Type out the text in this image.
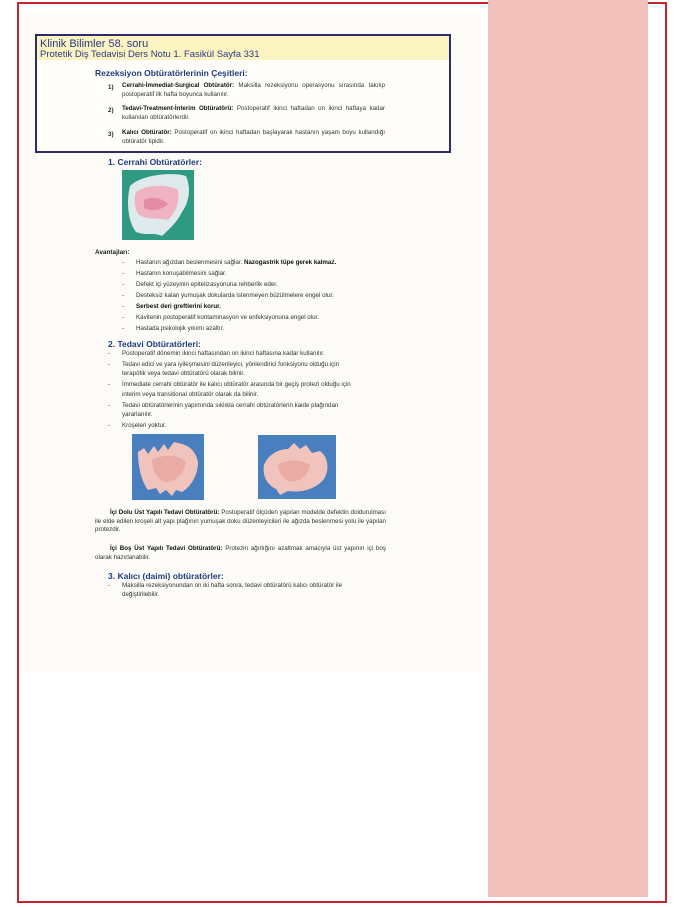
Klinik Bilimler 58. soru
Protetik Diş Tedavisi Ders Notu 1. Fasikül Sayfa 331
Rezeksiyon Obtüratörlerinin Çeşitleri:
1) Cerrahi-İmmediat-Surgical Obtüratör: Maksilla rezeksiyonu operasyonu sırasında takılıp postoperatif ilk hafta boyunca kullanılır.
2) Tedavi-Treatment-İnterim Obtüratörü: Postoperatif ikinci haftadan on ikinci haftaya kadar kullanılan obtüratörlerdir.
3) Kalıcı Obtüratör: Postoperatif on ikinci haftadan başlayarak hastanın yaşam boyu kullandığı obtüratör tipidir.
1. Cerrahi Obtüratörler:
Avantajları:
- Hastanın ağızdan beslenmesini sağlar. Nazogastrik tüpe gerek kalmaz.
- Hastanın konuşabilmesini sağlar.
- Defekt içi yüzeyinin epitelizasyonuna rehberlik eder.
- Desteksiz kalan yumuşak dokularda istenmeyen büzülmelere engel olur.
- Serbest deri greftlerini korur.
- Kavitenin postoperatif kontaminasyon ve enfeksiyonuna engel olur.
- Hastada psikolojik yıkımı azaltır.
2. Tedavi Obtüratörleri:
- Postoperatif dönemin ikinci haftasından on ikinci haftasına kadar kullanılır.
- Tedavi edici ve yara iyileşmesini düzenleyici, yönlendirici fonksiyonu olduğu için
terapötik veya tedavi obtüratörü olarak bilinir.
- İmmediate cerrahi obtüratör ile kalıcı obtüratör arasında bir geçiş protezi olduğu için
interim veya transitional obtüratör olarak da bilinir.
- Tedavi obtüratörlerinin yapımında sıklıkla cerrahi obtüratörlerin kaide plağından
yararlanılır.
- Kroşeleri yoktur.
İçi Dolu Üst Yapılı Tedavi Obtüratörü: Postoperatif ölçüden yapılan modelde defektin doldurulması ile elde edilen kroşeli alt yapı plağının yumuşak doku düzenleyicileri ile ağızda beslenmesi yolu ile yapılan protezdir.
İçi Boş Üst Yapılı Tedavi Obtüratörü: Protezin ağırlığını azaltmak amacıyla üst yapının içi boş olarak hazırlanabilir.
3. Kalıcı (daimi) obtüratörler:
- Maksilla rezeksiyonundan on iki hafta sonra, tedavi obtüratörü kalıcı obtüratör ile
değiştirilebilir.
